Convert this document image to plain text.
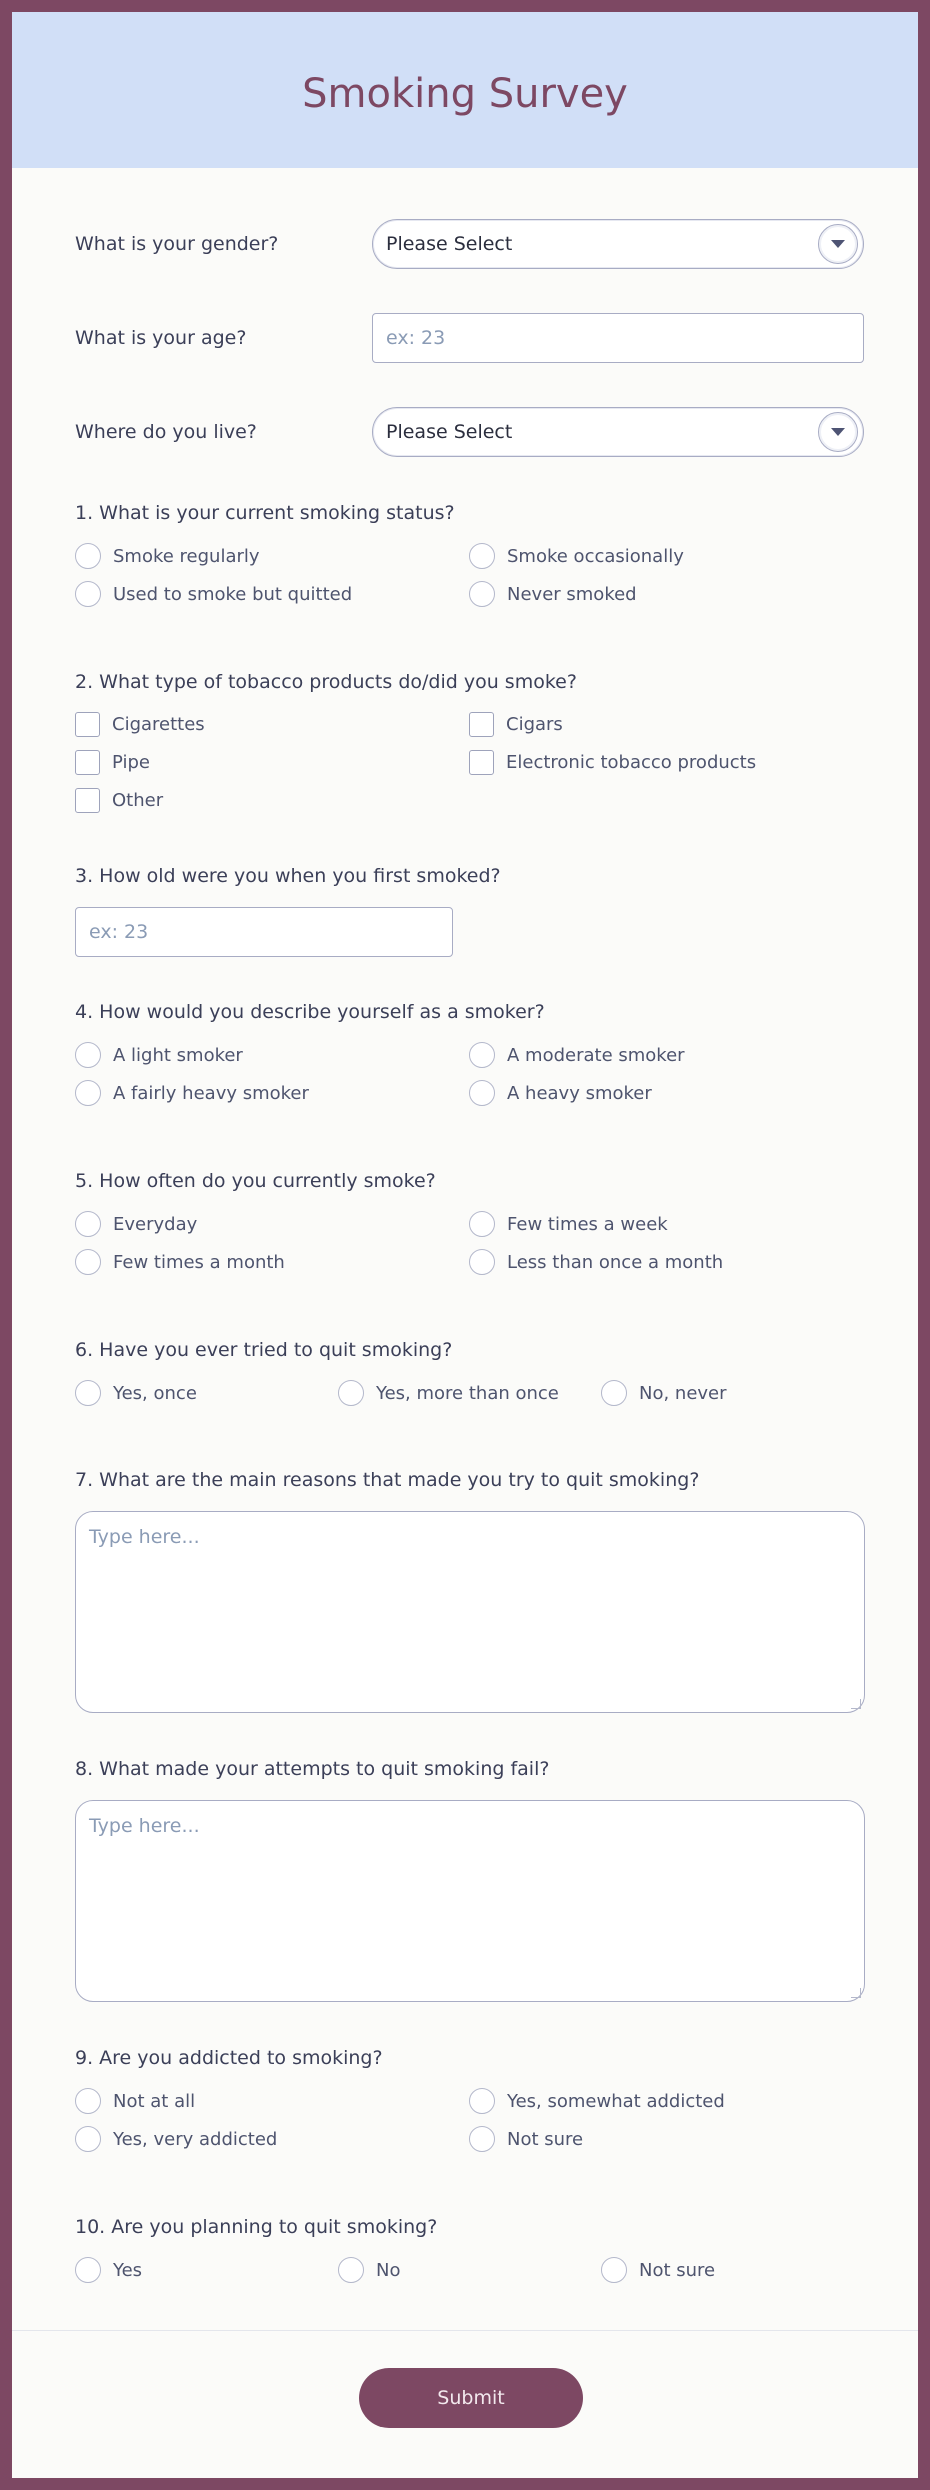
Smoking Survey
What is your gender?	Please Select
What is your age?	ex: 23
Where do you live?	Please Select
1. What is your current smoking status?
Smoke regularly	Smoke occasionally
Used to smoke but quitted	Never smoked
2. What type of tobacco products do/did you smoke?
Cigarettes	Cigars
Pipe	Electronic tobacco products
Other
3. How old were you when you first smoked?
ex: 23
4. How would you describe yourself as a smoker?
A light smoker	A moderate smoker
A fairly heavy smoker	A heavy smoker
5. How often do you currently smoke?
Everyday	Few times a week
Few times a month	Less than once a month
6. Have you ever tried to quit smoking?
Yes, once	Yes, more than once	No, never
7. What are the main reasons that made you try to quit smoking?
Type here...
8. What made your attempts to quit smoking fail?
Type here...
9. Are you addicted to smoking?
Not at all	Yes, somewhat addicted
Yes, very addicted	Not sure
10. Are you planning to quit smoking?
Yes	No	Not sure
Submit
